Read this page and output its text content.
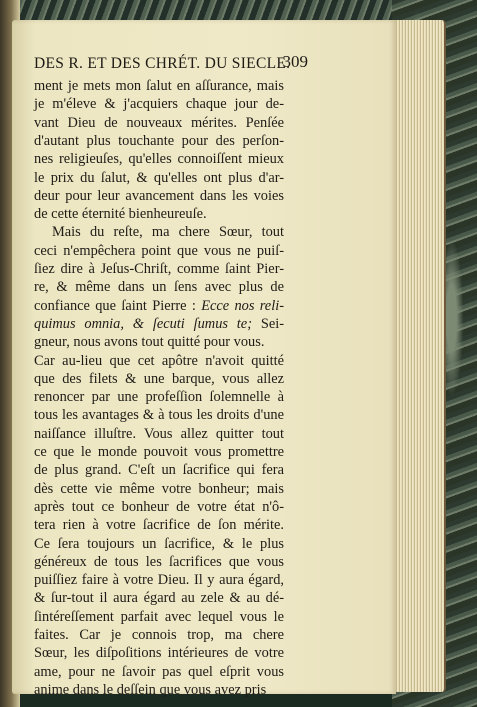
DES R. ET DES CHRÉT. DU SIECLE.
309
ment je mets mon ſalut en aſſurance, mais
je m'éleve & j'acquiers chaque jour de-
vant Dieu de nouveaux mérites. Penſée
d'autant plus touchante pour des perſon-
nes religieuſes, qu'elles connoiſſent mieux
le prix du ſalut, & qu'elles ont plus d'ar-
deur pour leur avancement dans les voies
de cette éternité bienheureuſe.
Mais du reſte, ma chere Sœur, tout
ceci n'empêchera point que vous ne puiſ-
ſiez dire à Jeſus-Chriſt, comme ſaint Pier-
re, & même dans un ſens avec plus de
confiance que ſaint Pierre : Ecce nos reli-
quimus omnia, & ſecuti ſumus te; Sei-
gneur, nous avons tout quitté pour vous.
Car au-lieu que cet apôtre n'avoit quitté
que des filets & une barque, vous allez
renoncer par une profeſſion ſolemnelle à
tous les avantages & à tous les droits d'une
naiſſance illuſtre. Vous allez quitter tout
ce que le monde pouvoit vous promettre
de plus grand. C'eſt un ſacrifice qui fera
dès cette vie même votre bonheur; mais
après tout ce bonheur de votre état n'ô-
tera rien à votre ſacrifice de ſon mérite.
Ce ſera toujours un ſacrifice, & le plus
généreux de tous les ſacrifices que vous
puiſſiez faire à votre Dieu. Il y aura égard,
& ſur-tout il aura égard au zele & au dé-
ſintéreſſement parfait avec lequel vous le
faites. Car je connois trop, ma chere
Sœur, les diſpoſitions intérieures de votre
ame, pour ne ſavoir pas quel eſprit vous
anime dans le deſſein que vous avez pris
